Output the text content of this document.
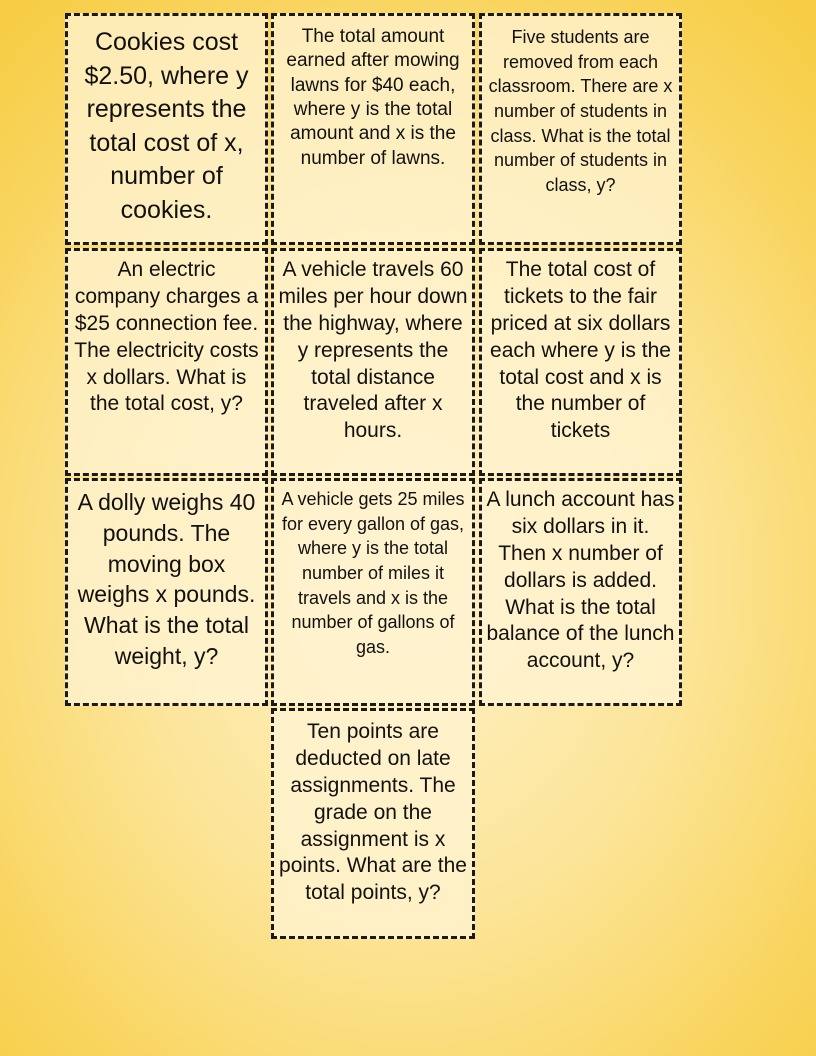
Cookies cost $2.50, where y represents the total cost of x, number of cookies.
The total amount earned after mowing lawns for $40 each, where y is the total amount and x is the number of lawns.
Five students are removed from each classroom. There are x number of students in class. What is the total number of students in class, y?
An electric company charges a $25 connection fee. The electricity costs x dollars. What is the total cost, y?
A vehicle travels 60 miles per hour down the highway, where y represents the total distance traveled after x hours.
The total cost of tickets to the fair priced at six dollars each where y is the total cost and x is the number of tickets
A dolly weighs 40 pounds. The moving box weighs x pounds. What is the total weight, y?
A vehicle gets 25 miles for every gallon of gas, where y is the total number of miles it travels and x is the number of gallons of gas.
A lunch account has six dollars in it. Then x number of dollars is added. What is the total balance of the lunch account, y?
Ten points are deducted on late assignments. The grade on the assignment is x points. What are the total points, y?
